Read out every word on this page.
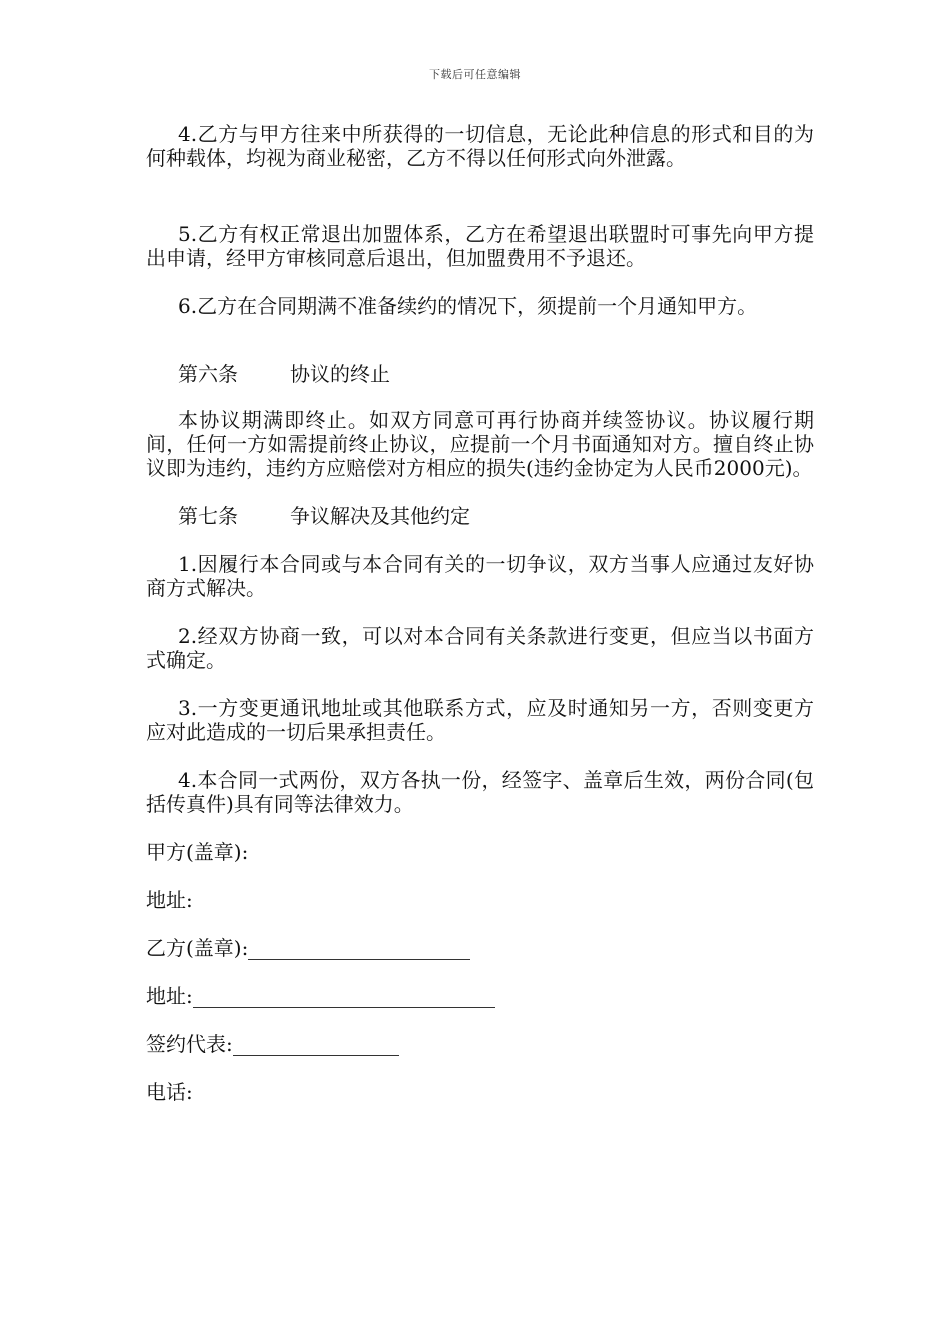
下载后可任意编辑

4.乙方与甲方往来中所获得的一切信息，无论此种信息的形式和目的为何种载体，均视为商业秘密，乙方不得以任何形式向外泄露。

5.乙方有权正常退出加盟体系，乙方在希望退出联盟时可事先向甲方提出申请，经甲方审核同意后退出，但加盟费用不予退还。

6.乙方在合同期满不准备续约的情况下，须提前一个月通知甲方。

第六条	协议的终止

本协议期满即终止。如双方同意可再行协商并续签协议。协议履行期间，任何一方如需提前终止协议，应提前一个月书面通知对方。擅自终止协议即为违约，违约方应赔偿对方相应的损失(违约金协定为人民币2000元)。

第七条	争议解决及其他约定

1.因履行本合同或与本合同有关的一切争议，双方当事人应通过友好协商方式解决。

2.经双方协商一致，可以对本合同有关条款进行变更，但应当以书面方式确定。

3.一方变更通讯地址或其他联系方式，应及时通知另一方，否则变更方应对此造成的一切后果承担责任。

4.本合同一式两份，双方各执一份，经签字、盖章后生效，两份合同(包括传真件)具有同等法律效力。

甲方(盖章):

地址:

乙方(盖章):

地址:

签约代表:

电话:
